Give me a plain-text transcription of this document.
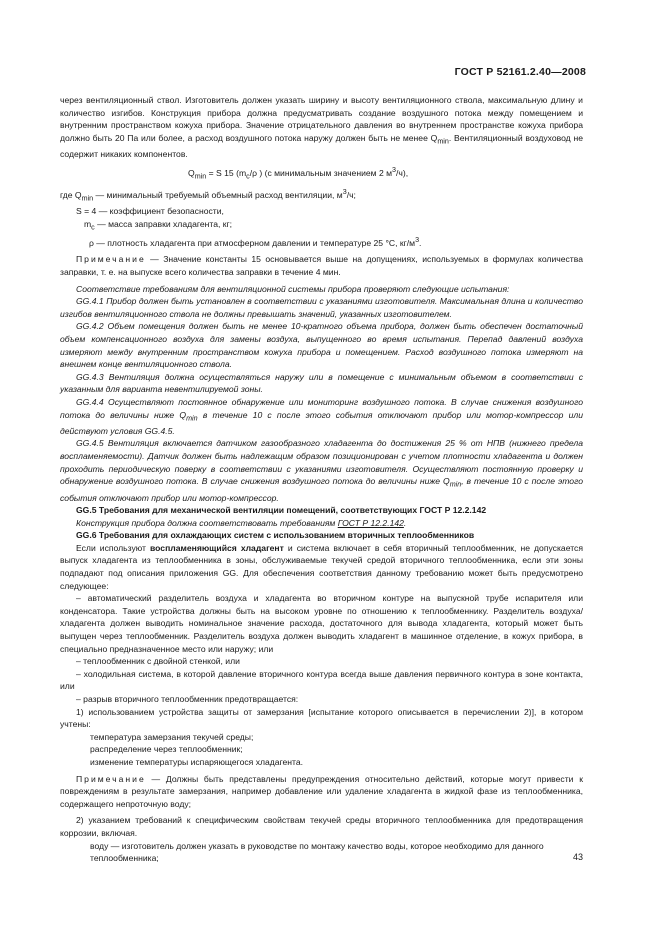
ГОСТ Р 52161.2.40—2008

через вентиляционный ствол. Изготовитель должен указать ширину и высоту вентиляционного ствола, максимальную длину и количество изгибов. Конструкция прибора должна предусматривать создание воздушного потока между помещением и внутренним пространством кожуха прибора. Значение отрицательного давления во внутреннем пространстве кожуха прибора должно быть 20 Па или более, а расход воздушного потока наружу должен быть не менее $Q_{min}$. Вентиляционный воздуховод не содержит никаких компонентов.

$Q_{min} = S$ 15 ($m_c/\rho$ ) (с минимальным значением 2 $м^3/ч$),

где $Q_{min}$ — минимальный требуемый объемный расход вентиляции, $м^3/ч$;
S = 4 — коэффициент безопасности,
$m_c$ — масса заправки хладагента, кг;
ρ — плотность хладагента при атмосферном давлении и температуре 25 °С, $кг/м^3$.

Примечание — Значение константы 15 основывается выше на допущениях, используемых в формулах количества заправки, т. е. на выпуске всего количества заправки в течение 4 мин.

Соответствие требованиям для вентиляционной системы прибора проверяют следующие испытания:

GG.4.1 Прибор должен быть установлен в соответствии с указаниями изготовителя. Максимальная длина и количество изгибов вентиляционного ствола не должны превышать значений, указанных изготовителем.

GG.4.2 Объем помещения должен быть не менее 10-кратного объема прибора, должен быть обеспечен достаточный объем компенсационного воздуха для замены воздуха, выпущенного во время испытания. Перепад давлений воздуха измеряют между внутренним пространством кожуха прибора и помещением. Расход воздушного потока измеряют на внешнем конце вентиляционного ствола.

GG.4.3 Вентиляция должна осуществляться наружу или в помещение с минимальным объемом в соответствии с указанным для варианта невентилируемой зоны.

GG.4.4 Осуществляют постоянное обнаружение или мониторинг воздушного потока. В случае снижения воздушного потока до величины ниже $Q_{min}$ в течение 10 с после этого события отключают прибор или мотор-компрессор или действуют условия GG.4.5.

GG.4.5 Вентиляция включается датчиком газообразного хладагента до достижения 25 % от НПВ (нижнего предела воспламеняемости). Датчик должен быть надлежащим образом позиционирован с учетом плотности хладагента и должен проходить периодическую поверку в соответствии с указаниями изготовителя. Осуществляют постоянную проверку и обнаружение воздушного потока. В случае снижения воздушного потока до величины ниже $Q_{min}$, в течение 10 с после этого события отключают прибор или мотор-компрессор.

GG.5 Требования для механической вентиляции помещений, соответствующих ГОСТ Р 12.2.142

Конструкция прибора должна соответствовать требованиям ГОСТ Р 12.2.142.

GG.6 Требования для охлаждающих систем с использованием вторичных теплообменников

Если используют воспламеняющийся хладагент и система включает в себя вторичный теплообменник, не допускается выпуск хладагента из теплообменника в зоны, обслуживаемые текучей средой вторичного теплообменника, если эти зоны подпадают под описания приложения GG. Для обеспечения соответствия данному требованию может быть предусмотрено следующее:

– автоматический разделитель воздуха и хладагента во вторичном контуре на выпускной трубе испарителя или конденсатора. Такие устройства должны быть на высоком уровне по отношению к теплообменнику. Разделитель воздуха/хладагента должен выводить номинальное значение расхода, достаточного для вывода хладагента, который может быть выпущен через теплообменник. Разделитель воздуха должен выводить хладагент в машинное отделение, в кожух прибора, в специально предназначенное место или наружу; или

– теплообменник с двойной стенкой, или

– холодильная система, в которой давление вторичного контура всегда выше давления первичного контура в зоне контакта, или

– разрыв вторичного теплообменник предотвращается:

1) использованием устройства защиты от замерзания [испытание которого описывается в перечислении 2)], в котором учтены:

температура замерзания текучей среды;

распределение через теплообменник;

изменение температуры испаряющегося хладагента.

Примечание — Должны быть представлены предупреждения относительно действий, которые могут привести к повреждениям в результате замерзания, например добавление или удаление хладагента в жидкой фазе из теплообменника, содержащего непроточную воду;

2) указанием требований к специфическим свойствам текучей среды вторичного теплообменника для предотвращения коррозии, включая.

воду — изготовитель должен указать в руководстве по монтажу качество воды, которое необходимо для данного теплообменника;	43
